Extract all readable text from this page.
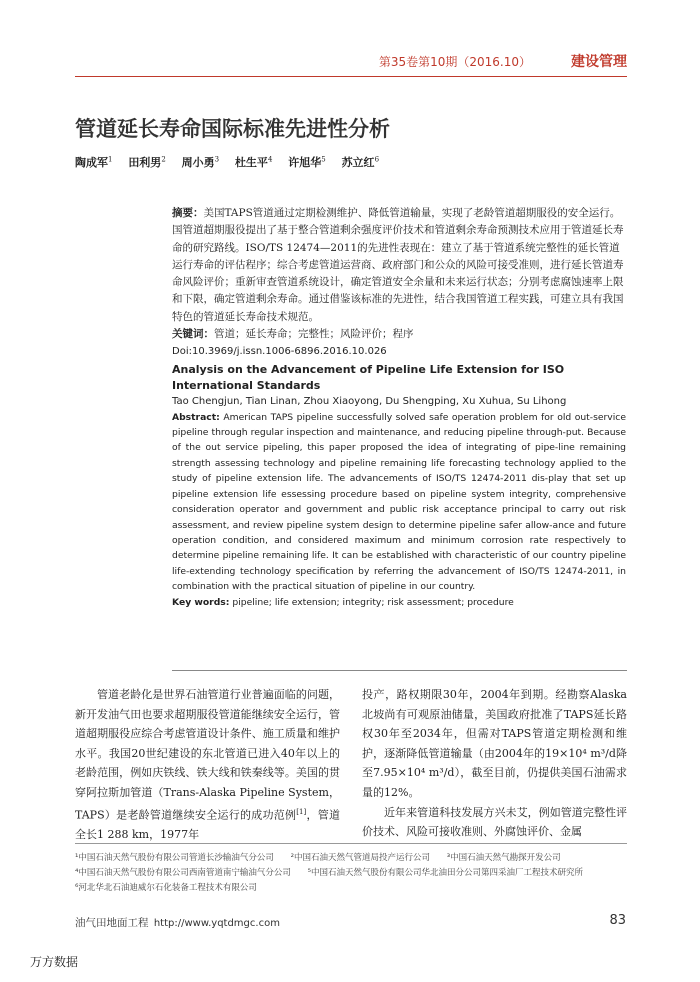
第35卷第10期（2016.10）	建设管理
管道延长寿命国际标准先进性分析
陶成军$^1$ 田利男$^2$ 周小勇$^3$ 杜生平$^4$ 许旭华$^5$ 苏立红$^6$
摘要：美国TAPS管道通过定期检测维护、降低管道输量，实现了老龄管道超期服役的安全运行。国管道超期服役提出了基于整合管道剩余强度评价技术和管道剩余寿命预测技术应用于管道延长寿命的研究路线。ISO/TS 12474—2011的先进性表现在：建立了基于管道系统完整性的延长管道运行寿命的评估程序；综合考虑管道运营商、政府部门和公众的风险可接受准则，进行延长管道寿命风险评价；重新审查管道系统设计，确定管道安全余量和未来运行状态；分别考虑腐蚀速率上限和下限，确定管道剩余寿命。通过借鉴该标准的先进性，结合我国管道工程实践，可建立具有我国特色的管道延长寿命技术规范。
关键词：管道；延长寿命；完整性；风险评价；程序
Doi:10.3969/j.issn.1006-6896.2016.10.026
Analysis on the Advancement of Pipeline Life Extension for ISO International Standards
Tao Chengjun, Tian Linan, Zhou Xiaoyong, Du Shengping, Xu Xuhua, Su Lihong
Abstract: American TAPS pipeline successfully solved safe operation problem for old out-service pipeline through regular inspection and maintenance, and reducing pipeline through-put. Because of the out service pipeling, this paper proposed the idea of integrating of pipe-line remaining strength assessing technology and pipeline remaining life forecasting technology applied to the study of pipeline extension life. The advancements of ISO/TS 12474-2011 dis-play that set up pipeline extension life essessing procedure based on pipeline system integrity, comprehensive consideration operator and government and public risk acceptance principal to carry out risk assessment, and review pipeline system design to determine pipeline safer allow-ance and future operation condition, and considered maximum and minimum corrosion rate respectively to determine pipeline remaining life. It can be established with characteristic of our country pipeline life-extending technology specification by referring the advancement of ISO/TS 12474-2011, in combination with the practical situation of pipeline in our country.
Key words: pipeline; life extension; integrity; risk assessment; procedure

管道老龄化是世界石油管道行业普遍面临的问题，新开发油气田也要求超期服役管道能继续安全运行，管道超期服役应综合考虑管道设计条件、施工质量和维护水平。我国20世纪建设的东北管道已进入40年以上的老龄范围，例如庆铁线、铁大线和铁秦线等。美国的贯穿阿拉斯加管道（Trans-Alaska Pipeline System，TAPS）是老龄管道继续安全运行的成功范例[1]，管道全长1 288 km，1977年

投产，路权期限30年，2004年到期。经勘察Alaska北坡尚有可观原油储量，美国政府批准了TAPS延长路权30年至2034年，但需对TAPS管道定期检测和维护，逐渐降低管道输量（由2004年的19×10⁴ m³/d降至7.95×10⁴ m³/d），截至目前，仍提供美国石油需求量的12%。

近年来管道科技发展方兴未艾，例如管道完整性评价技术、风险可接收准则、外腐蚀评价、金属

¹中国石油天然气股份有限公司管道长沙输油气分公司 ²中国石油天然气管道局投产运行公司 ³中国石油天然气勘探开发公司
⁴中国石油天然气股份有限公司西南管道南宁输油气分公司 ⁵中国石油天然气股份有限公司华北油田分公司第四采油厂工程技术研究所
⁶河北华北石油迪威尔石化装备工程技术有限公司
油气田地面工程 http://www.yqtdmgc.com	83
万方数据
